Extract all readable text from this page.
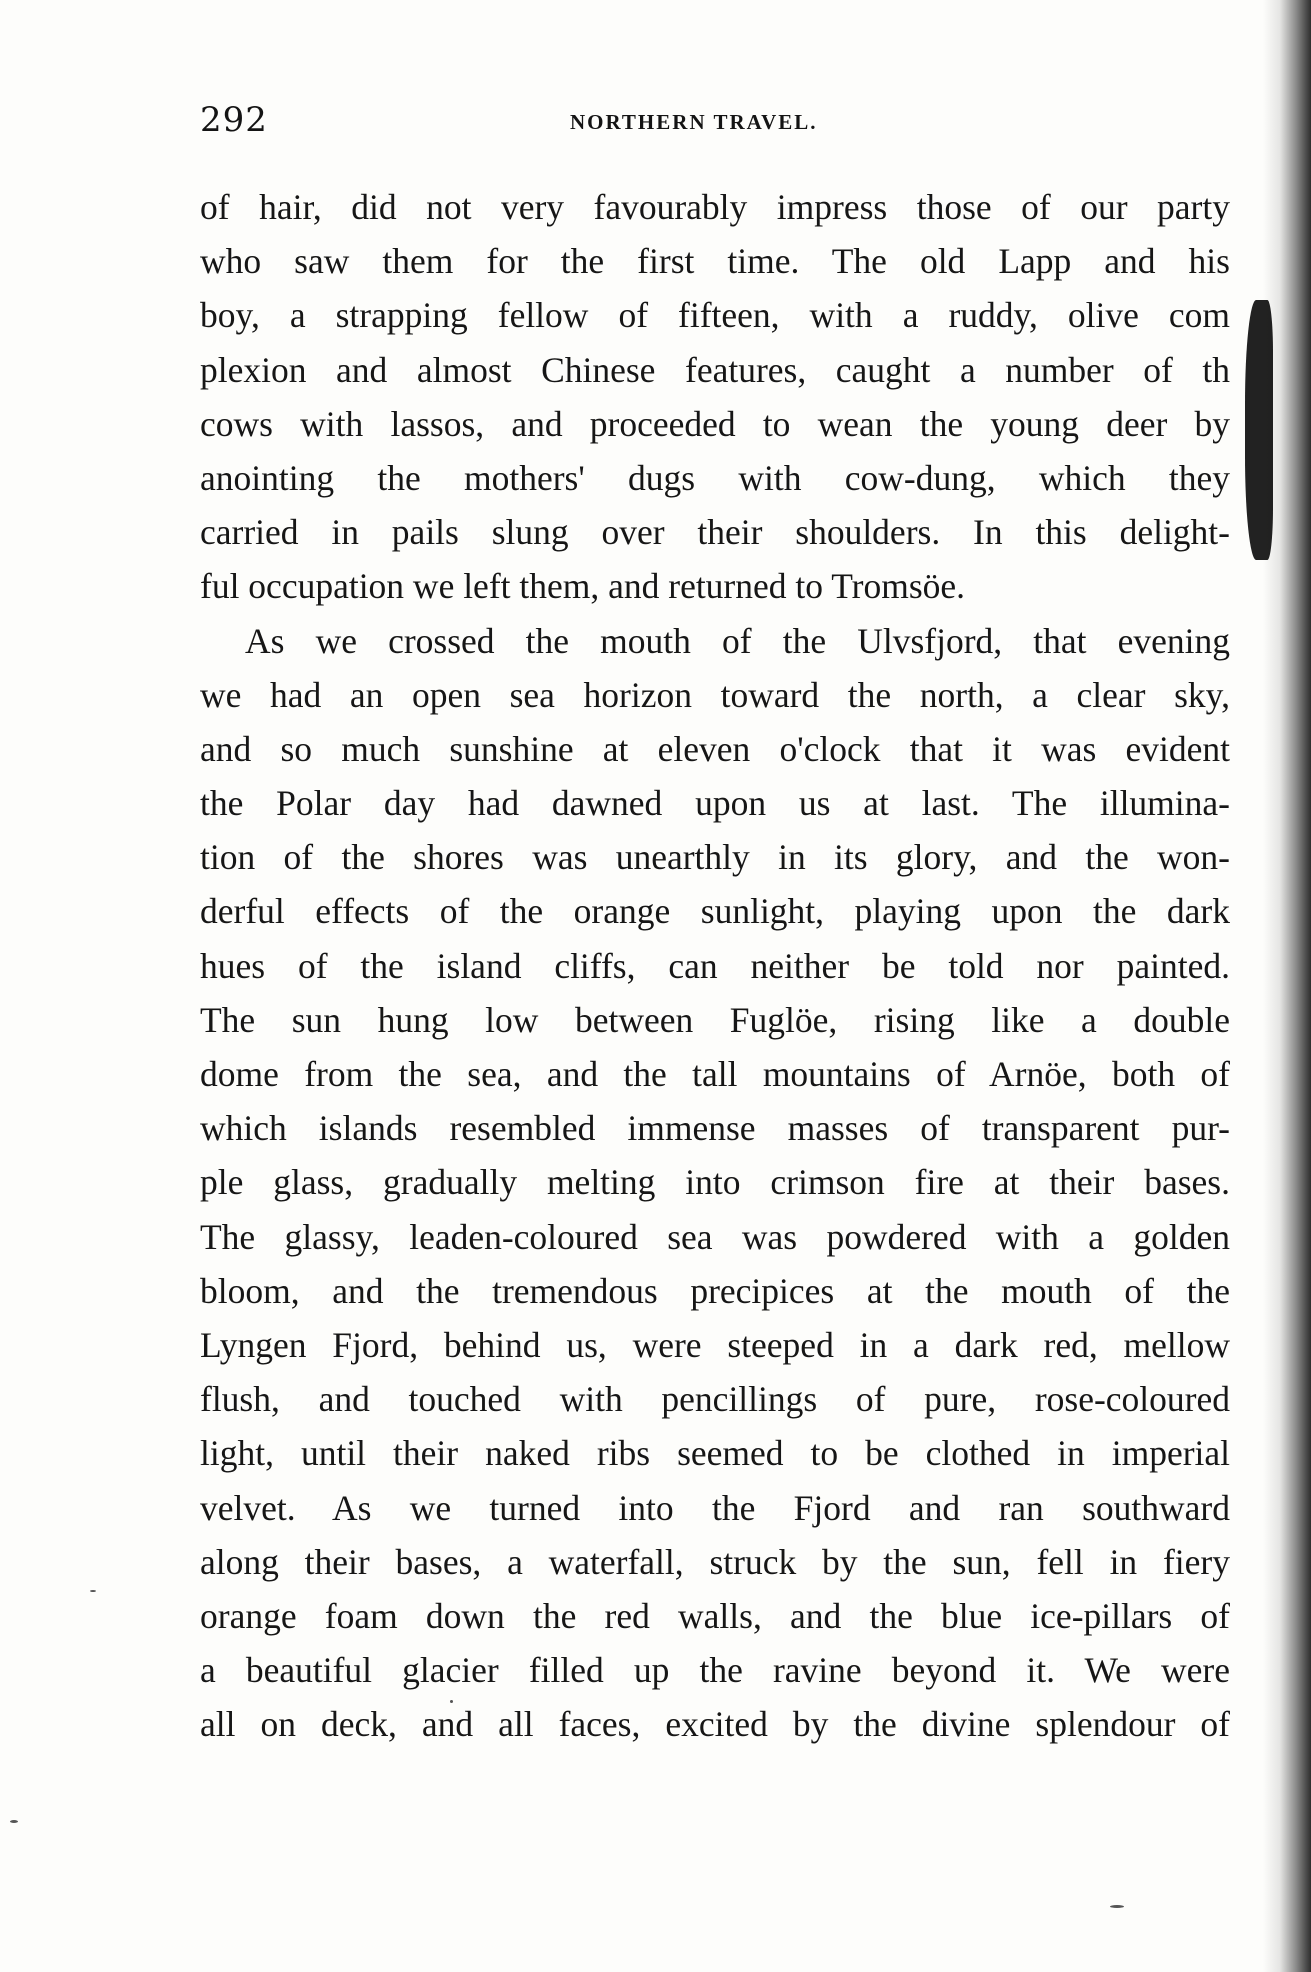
292	NORTHERN TRAVEL.
of hair, did not very favourably impress those of our party
who saw them for the first time. The old Lapp and his
boy, a strapping fellow of fifteen, with a ruddy, olive com
plexion and almost Chinese features, caught a number of th
cows with lassos, and proceeded to wean the young deer by
anointing the mothers' dugs with cow-dung, which they
carried in pails slung over their shoulders. In this delight-
ful occupation we left them, and returned to Tromsöe.
As we crossed the mouth of the Ulvsfjord, that evening
we had an open sea horizon toward the north, a clear sky,
and so much sunshine at eleven o'clock that it was evident
the Polar day had dawned upon us at last. The illumina-
tion of the shores was unearthly in its glory, and the won-
derful effects of the orange sunlight, playing upon the dark
hues of the island cliffs, can neither be told nor painted.
The sun hung low between Fuglöe, rising like a double
dome from the sea, and the tall mountains of Arnöe, both of
which islands resembled immense masses of transparent pur-
ple glass, gradually melting into crimson fire at their bases.
The glassy, leaden-coloured sea was powdered with a golden
bloom, and the tremendous precipices at the mouth of the
Lyngen Fjord, behind us, were steeped in a dark red, mellow
flush, and touched with pencillings of pure, rose-coloured
light, until their naked ribs seemed to be clothed in imperial
velvet. As we turned into the Fjord and ran southward
along their bases, a waterfall, struck by the sun, fell in fiery
orange foam down the red walls, and the blue ice-pillars of
a beautiful glacier filled up the ravine beyond it. We were
all on deck, and all faces, excited by the divine splendour of
